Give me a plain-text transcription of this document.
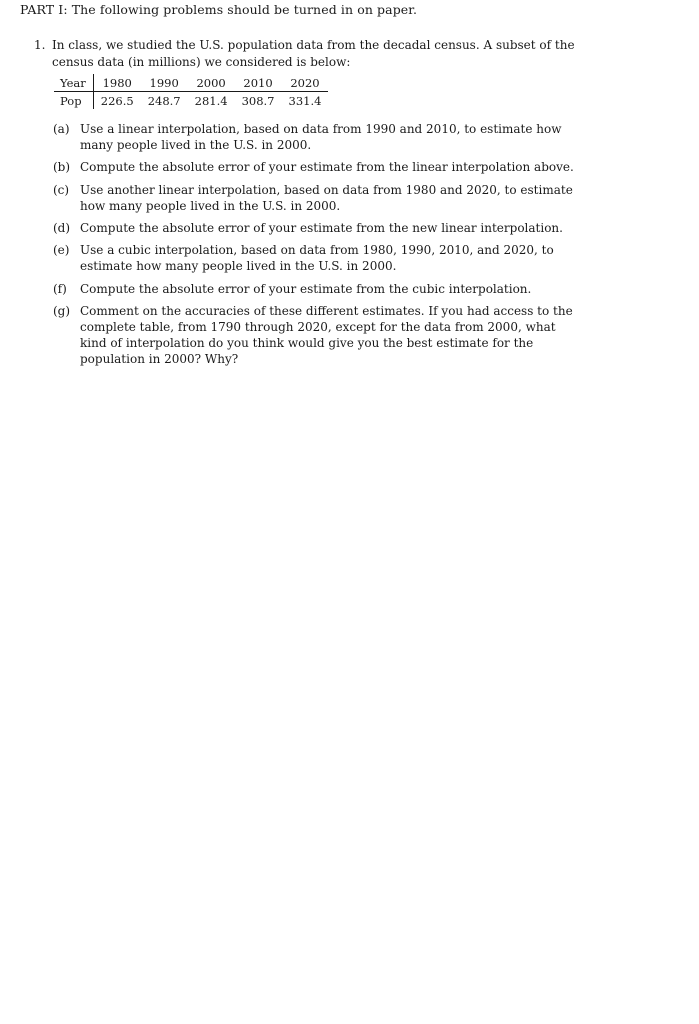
PART I: The following problems should be turned in on paper.
1. In class, we studied the U.S. population data from the decadal census. A subset of the census data (in millions) we considered is below:
Year	1980	1990	2000	2010	2020
Pop	226.5	248.7	281.4	308.7	331.4
(a) Use a linear interpolation, based on data from 1990 and 2010, to estimate how many people lived in the U.S. in 2000.
(b) Compute the absolute error of your estimate from the linear interpolation above.
(c) Use another linear interpolation, based on data from 1980 and 2020, to estimate how many people lived in the U.S. in 2000.
(d) Compute the absolute error of your estimate from the new linear interpolation.
(e) Use a cubic interpolation, based on data from 1980, 1990, 2010, and 2020, to estimate how many people lived in the U.S. in 2000.
(f) Compute the absolute error of your estimate from the cubic interpolation.
(g) Comment on the accuracies of these different estimates. If you had access to the complete table, from 1790 through 2020, except for the data from 2000, what kind of interpolation do you think would give you the best estimate for the population in 2000? Why?
